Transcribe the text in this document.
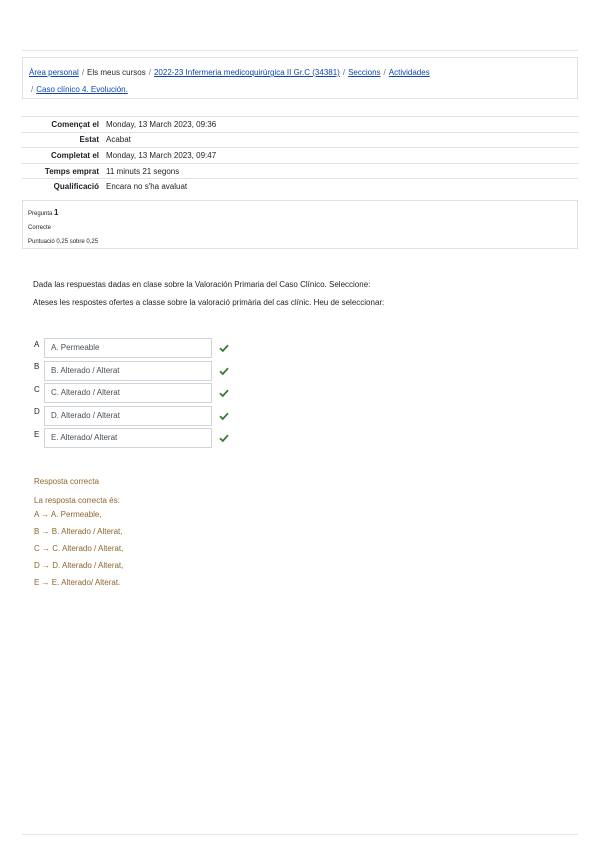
Àrea personal / Els meus cursos / 2022-23 Infermeria medicoquirúrgica II Gr.C (34381) / Seccions / Actividades
/ Caso clínico 4. Evolución.
Començat el Monday, 13 March 2023, 09:36
Estat Acabat
Completat el Monday, 13 March 2023, 09:47
Temps emprat 11 minuts 21 segons
Qualificació Encara no s'ha avaluat
Pregunta 1
Correcte
Puntuació 0,25 sobre 0,25
Dada las respuestas dadas en clase sobre la Valoración Primaria del Caso Clínico. Seleccione:
Ateses les respostes ofertes a classe sobre la valoració primària del cas clínic. Heu de seleccionar:
A	A. Permeable
B	B. Alterado / Alterat
C	C. Alterado / Alterat
D	D. Alterado / Alterat
E	E. Alterado/ Alterat
Resposta correcta
La resposta correcta és:
A → A. Permeable,
B → B. Alterado / Alterat,
C → C. Alterado / Alterat,
D → D. Alterado / Alterat,
E → E. Alterado/ Alterat.
